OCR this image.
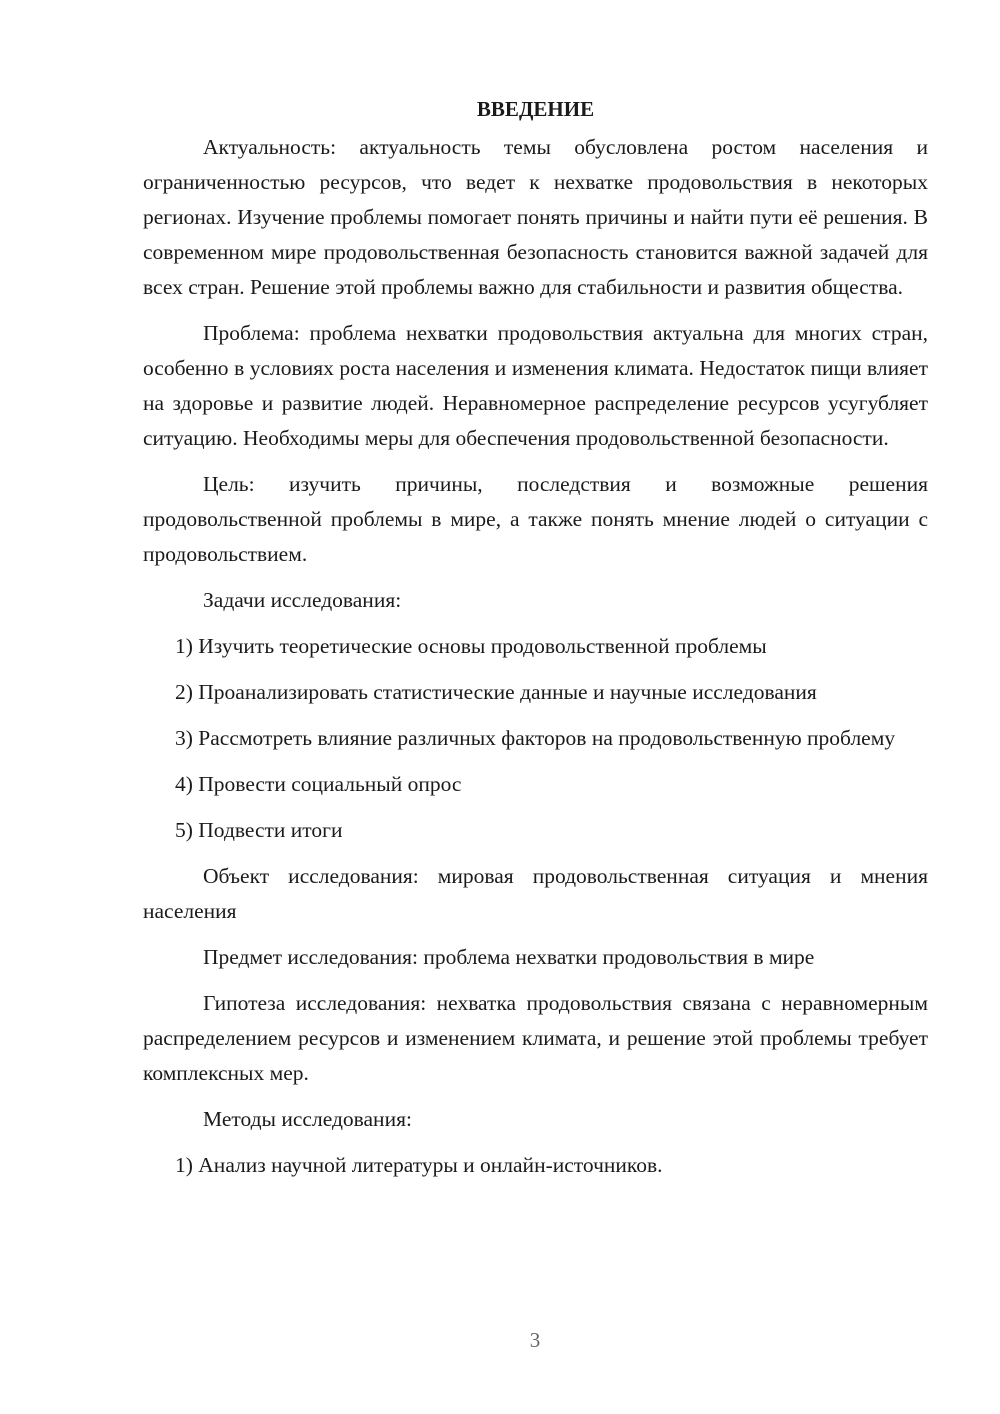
ВВЕДЕНИЕ

Актуальность: актуальность темы обусловлена ростом населения и ограниченностью ресурсов, что ведет к нехватке продовольствия в некоторых регионах. Изучение проблемы помогает понять причины и найти пути её решения. В современном мире продовольственная безопасность становится важной задачей для всех стран. Решение этой проблемы важно для стабильности и развития общества.

Проблема: проблема нехватки продовольствия актуальна для многих стран, особенно в условиях роста населения и изменения климата. Недостаток пищи влияет на здоровье и развитие людей. Неравномерное распределение ресурсов усугубляет ситуацию. Необходимы меры для обеспечения продовольственной безопасности.

Цель: изучить причины, последствия и возможные решения продовольственной проблемы в мире, а также понять мнение людей о ситуации с продовольствием.

Задачи исследования:

1) Изучить теоретические основы продовольственной проблемы

2) Проанализировать статистические данные и научные исследования

3) Рассмотреть влияние различных факторов на продовольственную проблему

4) Провести социальный опрос

5) Подвести итоги

Объект исследования: мировая продовольственная ситуация и мнения населения

Предмет исследования: проблема нехватки продовольствия в мире

Гипотеза исследования: нехватка продовольствия связана с неравномерным распределением ресурсов и изменением климата, и решение этой проблемы требует комплексных мер.

Методы исследования:

1) Анализ научной литературы и онлайн-источников.

3
